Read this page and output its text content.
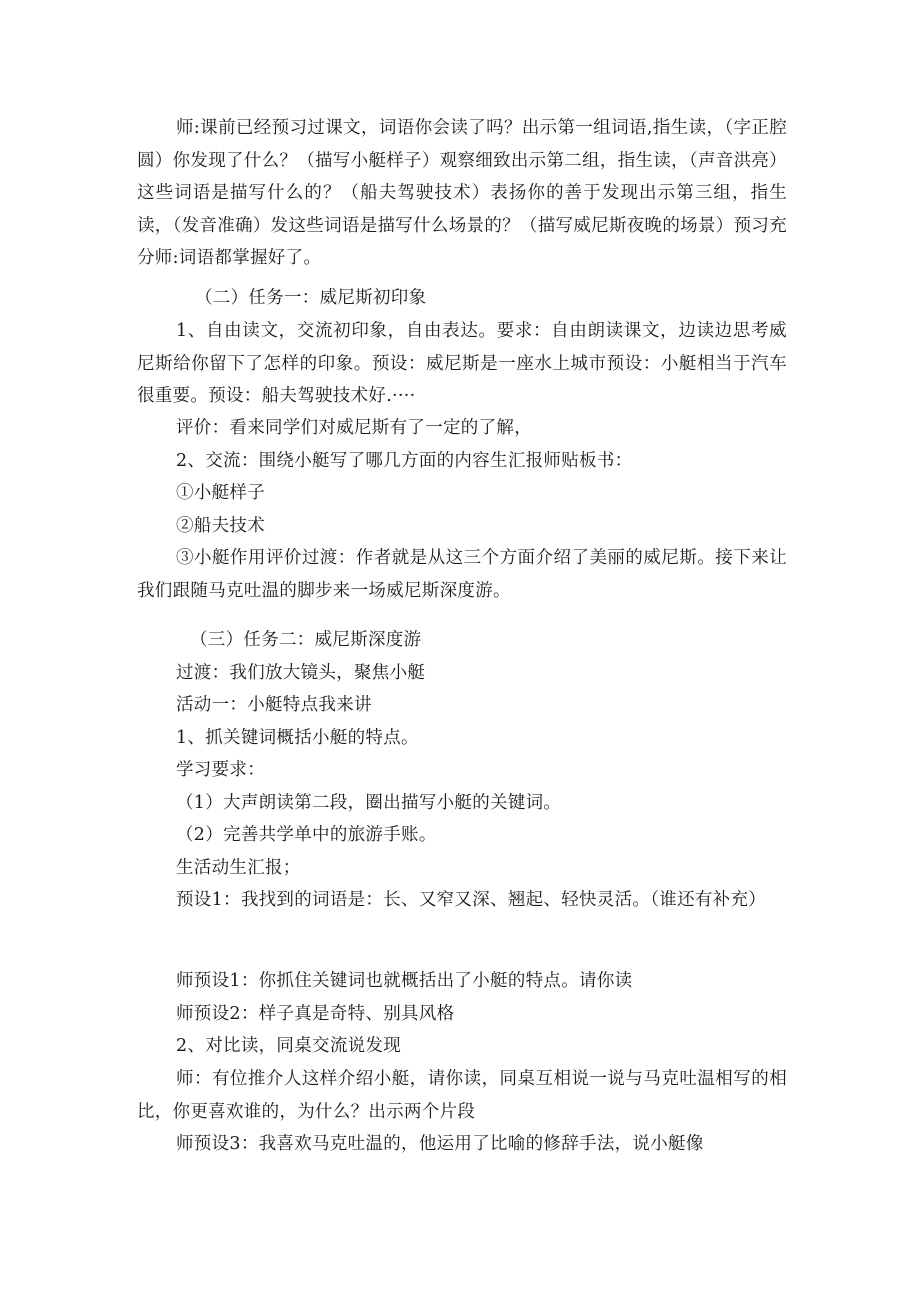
师:课前已经预习过课文，词语你会读了吗？出示第一组词语,指生读，（字正腔圆）你发现了什么？（描写小艇样子）观察细致出示第二组，指生读，（声音洪亮）这些词语是描写什么的？（船夫驾驶技术）表扬你的善于发现出示第三组，指生读，（发音准确）发这些词语是描写什么场景的？（描写威尼斯夜晚的场景）预习充分师:词语都掌握好了。

（二）任务一：威尼斯初印象

1、自由读文，交流初印象，自由表达。要求：自由朗读课文，边读边思考威尼斯给你留下了怎样的印象。预设：威尼斯是一座水上城市预设：小艇相当于汽车很重要。预设：船夫驾驶技术好.····

评价：看来同学们对威尼斯有了一定的了解，

2、交流：围绕小艇写了哪几方面的内容生汇报师贴板书：

①小艇样子

②船夫技术

③小艇作用评价过渡：作者就是从这三个方面介绍了美丽的威尼斯。接下来让我们跟随马克吐温的脚步来一场威尼斯深度游。

（三）任务二：威尼斯深度游

过渡：我们放大镜头，聚焦小艇

活动一：小艇特点我来讲

1、抓关键词概括小艇的特点。

学习要求：

（1）大声朗读第二段，圈出描写小艇的关键词。

（2）完善共学单中的旅游手账。

生活动生汇报；

预设1：我找到的词语是：长、又窄又深、翘起、轻快灵活。（谁还有补充）

师预设1：你抓住关键词也就概括出了小艇的特点。请你读

师预设2：样子真是奇特、别具风格

2、对比读，同桌交流说发现

师：有位推介人这样介绍小艇，请你读，同桌互相说一说与马克吐温相写的相比，你更喜欢谁的，为什么？出示两个片段

师预设3：我喜欢马克吐温的，他运用了比喻的修辞手法，说小艇像
